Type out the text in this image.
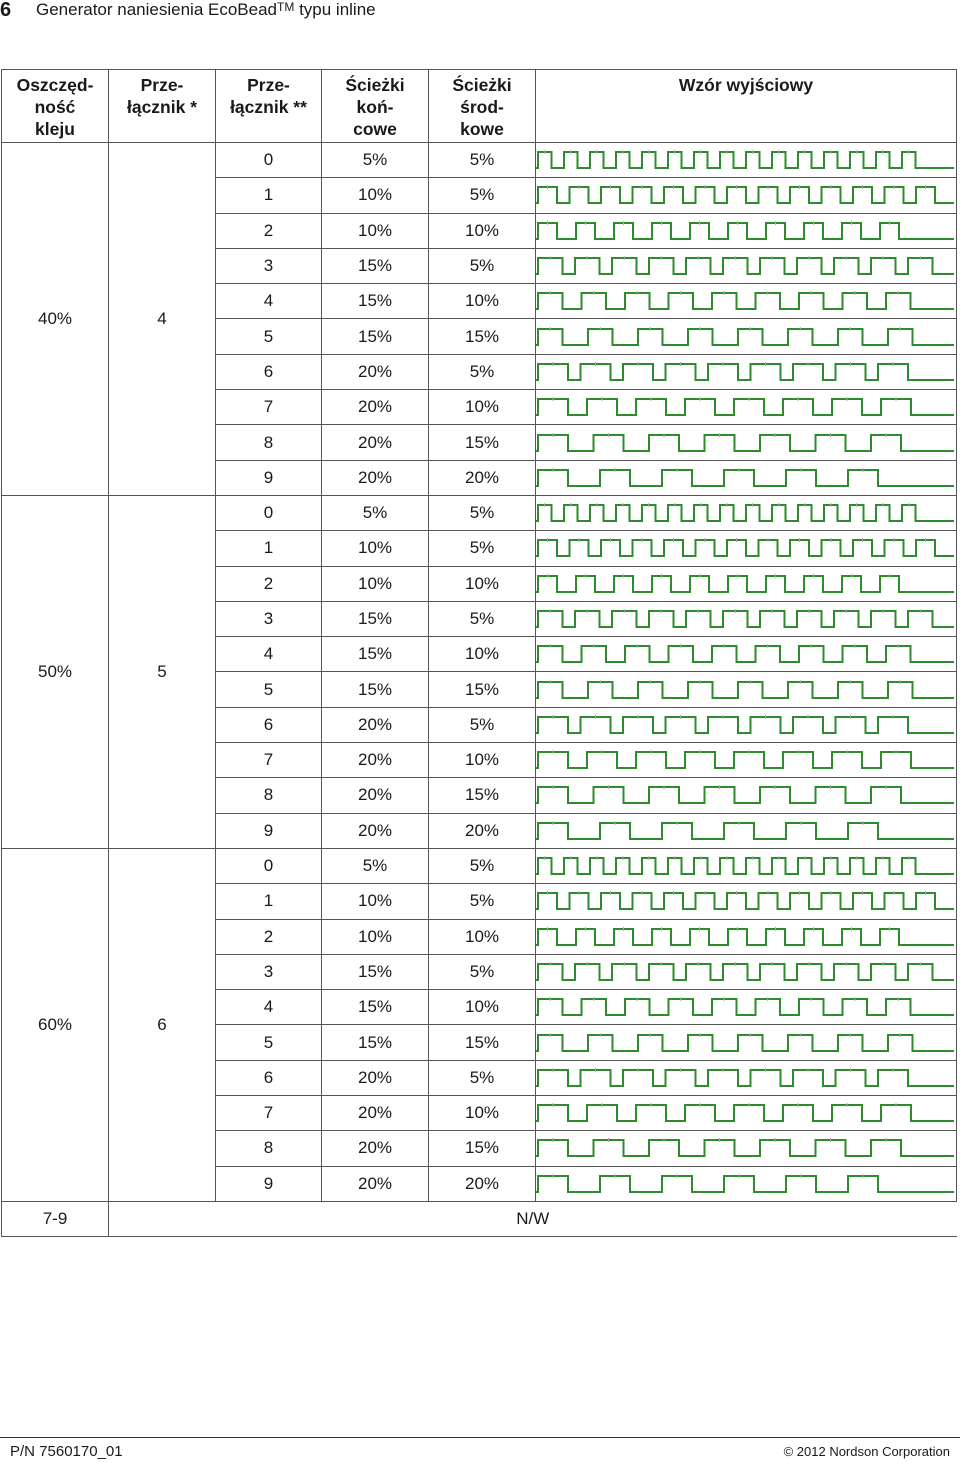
6 Generator naniesienia EcoBead™ typu inline
Oszczęd-
ność
kleju	Prze-
łącznik *	Prze-
łącznik **	Ścieżki
koń-
cowe	Ścieżki
środ-
kowe	Wzór wyjściowy
40%	4	0	5%	5%	

		1	10%	5%	

		2	10%	10%	

		3	15%	5%	

		4	15%	10%	

		5	15%	15%	

		6	20%	5%	

		7	20%	10%	

		8	20%	15%	

		9	20%	20%	

50%	5	0	5%	5%	

		1	10%	5%	

		2	10%	10%	

		3	15%	5%	

		4	15%	10%	

		5	15%	15%	

		6	20%	5%	

		7	20%	10%	

		8	20%	15%	

		9	20%	20%	

60%	6	0	5%	5%	

		1	10%	5%	

		2	10%	10%	

		3	15%	5%	

		4	15%	10%	

		5	15%	15%	

		6	20%	5%	

		7	20%	10%	

		8	20%	15%	

		9	20%	20%	

7-9	N/W				
P/N 7560170_01	© 2012 Nordson Corporation
